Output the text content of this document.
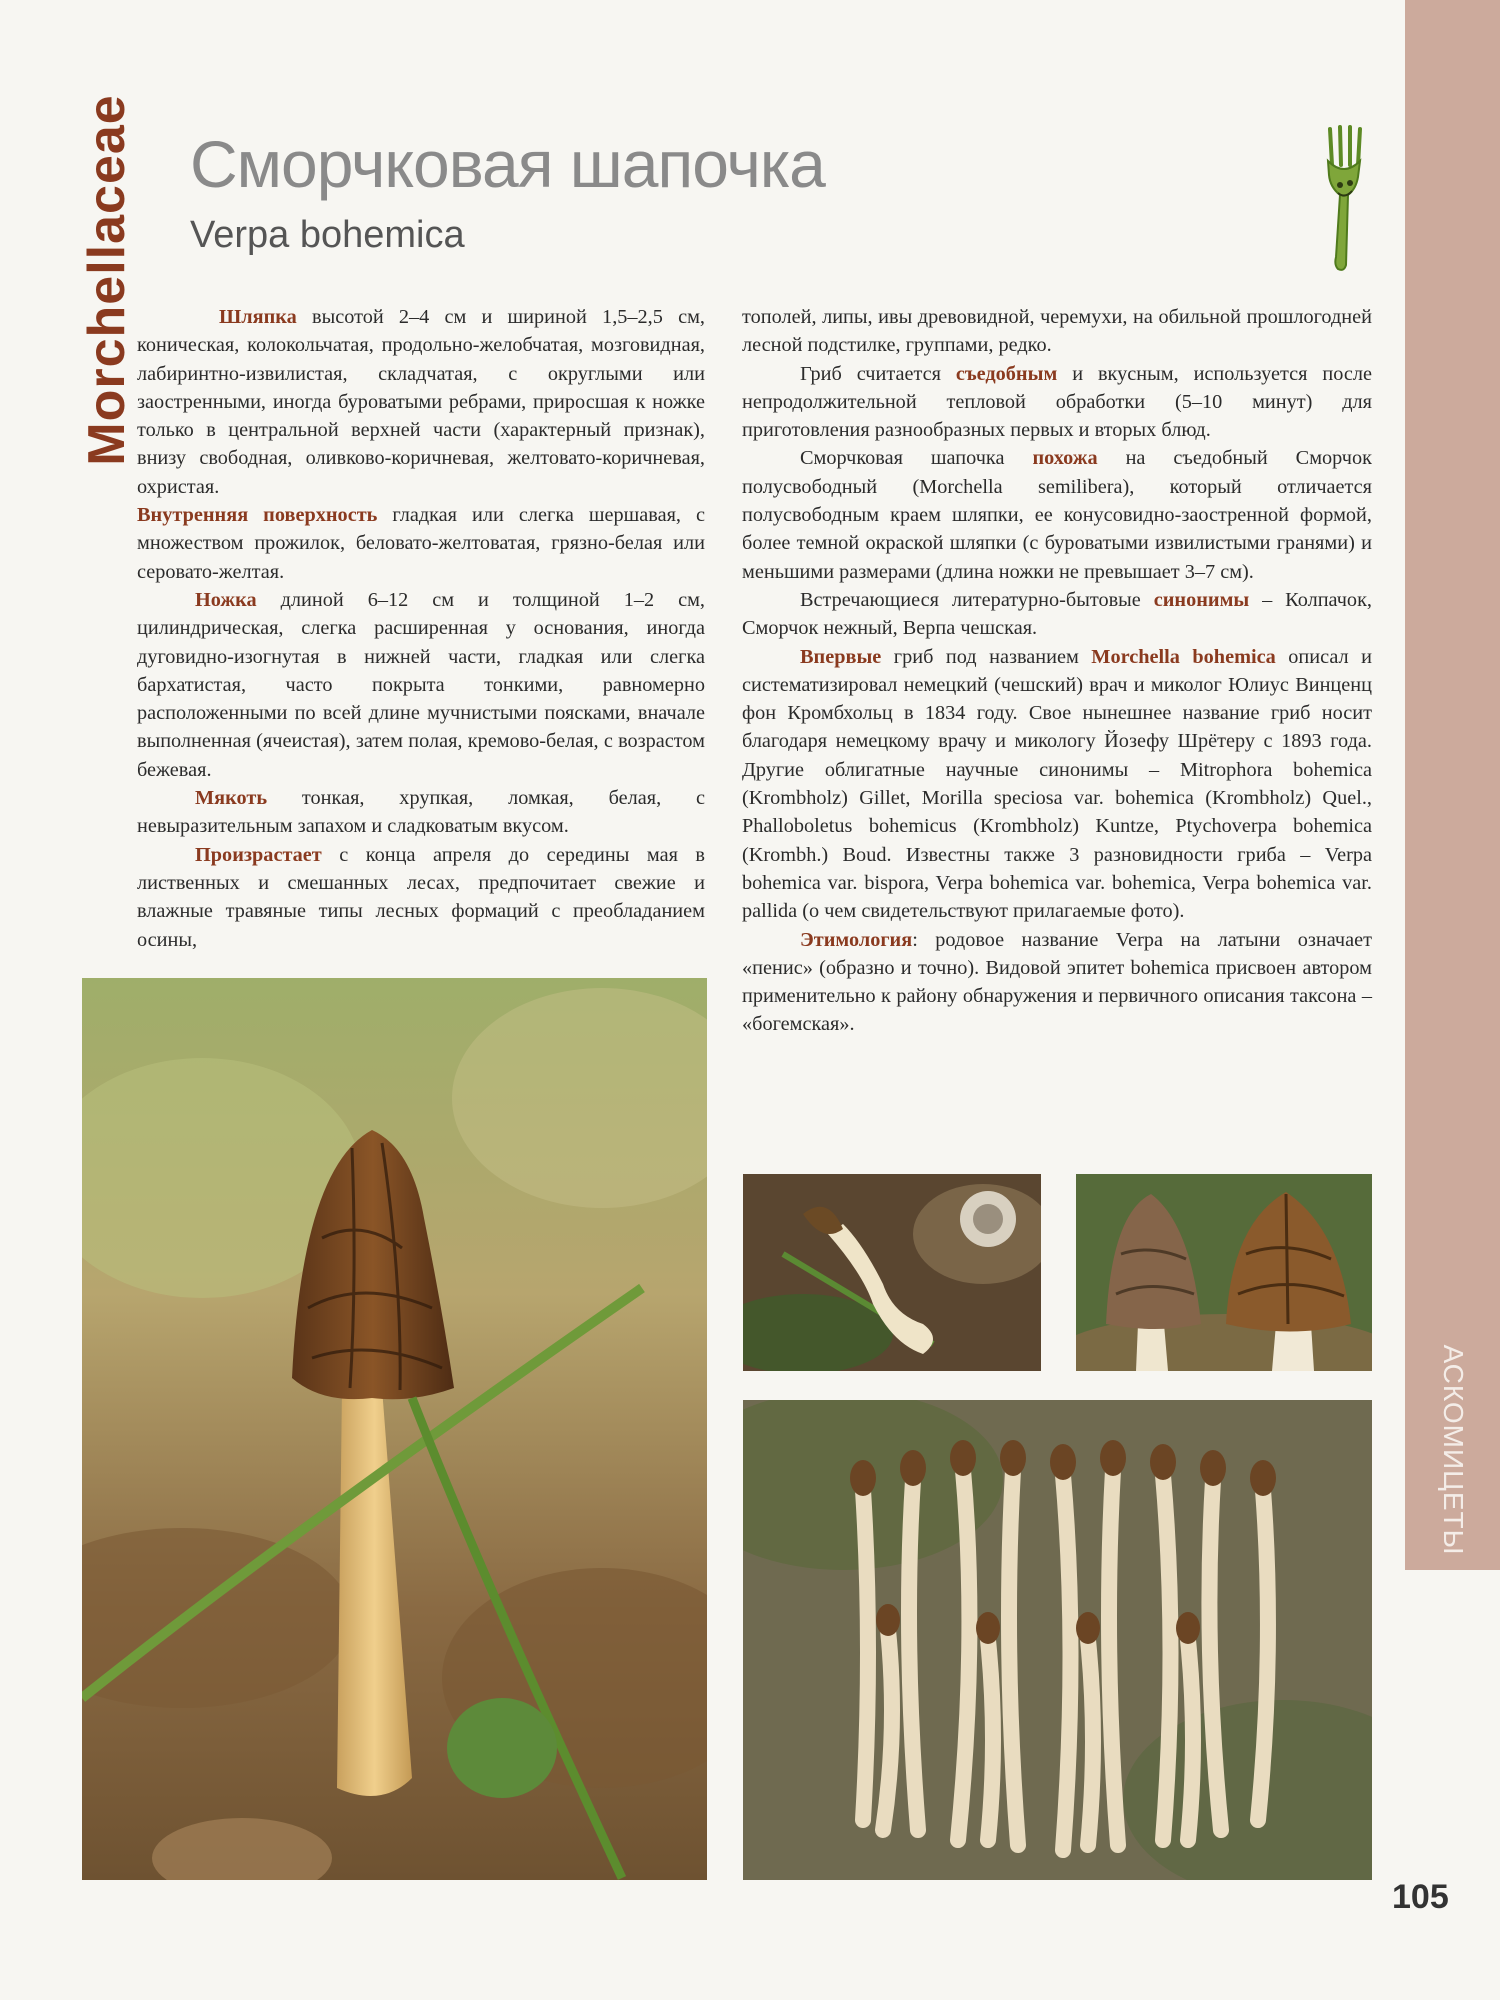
Morchellaceae Сморчковая шапочка
Verpa bohemica
АСКОМИЦЕТЫ
105

Шляпка высотой 2–4 см и шириной 1,5–2,5 см, коническая, колокольчатая, продольно-желобчатая, мозговидная, лабиринтно-извилистая, складчатая, с округлыми или заостренными, иногда буроватыми ребрами, приросшая к ножке только в центральной верхней части (характерный признак), внизу свободная, оливково-коричневая, желтовато-коричневая, охристая.

Внутренняя поверхность гладкая или слегка шершавая, с множеством прожилок, беловато-желтоватая, грязно-белая или серовато-желтая.

Ножка длиной 6–12 см и толщиной 1–2 см, цилиндрическая, слегка расширенная у основания, иногда дуговидно-изогнутая в нижней части, гладкая или слегка бархатистая, часто покрыта тонкими, равномерно расположенными по всей длине мучнистыми поясками, вначале выполненная (ячеистая), затем полая, кремово-белая, с возрастом бежевая.

Мякоть тонкая, хрупкая, ломкая, белая, с невыразительным запахом и сладковатым вкусом.

Произрастает с конца апреля до середины мая в лиственных и смешанных лесах, предпочитает свежие и влажные травяные типы лесных формаций с преобладанием осины,

тополей, липы, ивы древовидной, черемухи, на обильной прошлогодней лесной подстилке, группами, редко.

Гриб считается съедобным и вкусным, используется после непродолжительной тепловой обработки (5–10 минут) для приготовления разнообразных первых и вторых блюд.

Сморчковая шапочка похожа на съедобный Сморчок полусвободный (Morchella semilibera), который отличается полусвободным краем шляпки, ее конусовидно-заостренной формой, более темной окраской шляпки (с буроватыми извилистыми гранями) и меньшими размерами (длина ножки не превышает 3–7 см).

Встречающиеся литературно-бытовые синонимы – Колпачок, Сморчок нежный, Верпа чешская.

Впервые гриб под названием Morchella bohemica описал и систематизировал немецкий (чешский) врач и миколог Юлиус Винценц фон Кромбхольц в 1834 году. Свое нынешнее название гриб носит благодаря немецкому врачу и микологу Йозефу Шрётеру с 1893 года. Другие облигатные научные синонимы – Mitrophora bohemica (Krombholz) Gillet, Morilla speciosa var. bohemica (Krombholz) Quel., Phalloboletus bohemicus (Krombholz) Kuntze, Ptychoverpa bohemica (Krombh.) Boud. Известны также 3 разновидности гриба – Verpa bohemica var. bispora, Verpa bohemica var. bohemica, Verpa bohemica var. pallida (о чем свидетельствуют прилагаемые фото).

Этимология: родовое название Verpa на латыни означает «пенис» (образно и точно). Видовой эпитет bohemica присвоен автором применительно к району обнаружения и первичного описания таксона – «богемская».
